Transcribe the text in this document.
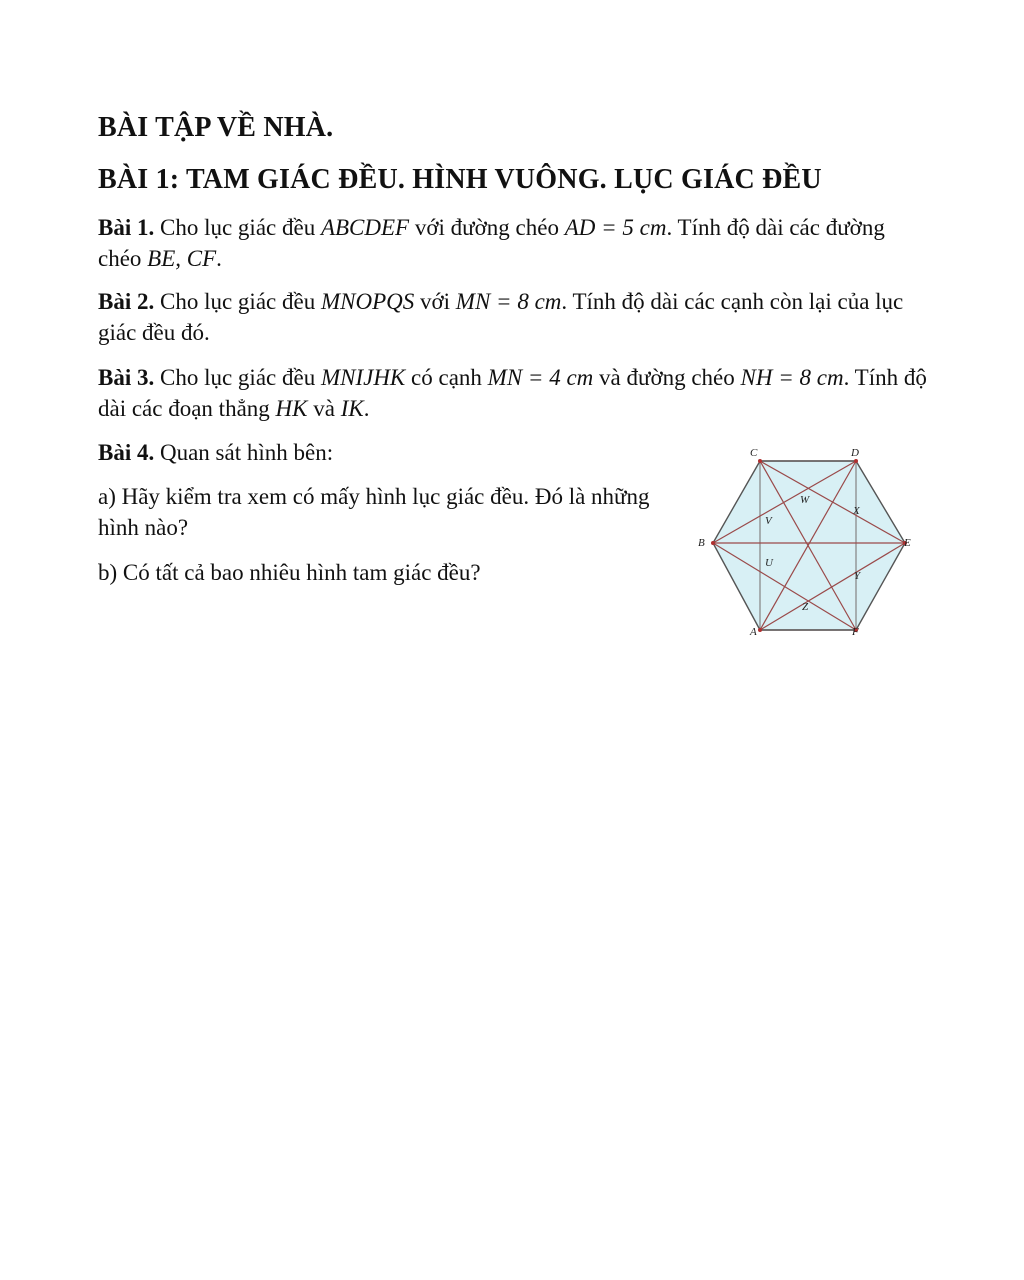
BÀI TẬP VỀ NHÀ.
BÀI 1: TAM GIÁC ĐỀU. HÌNH VUÔNG. LỤC GIÁC ĐỀU
Bài 1. Cho lục giác đều ABCDEF với đường chéo AD = 5 cm. Tính độ dài các đường chéo BE, CF.
Bài 2. Cho lục giác đều MNOPQS với MN = 8 cm. Tính độ dài các cạnh còn lại của lục giác đều đó.
Bài 3. Cho lục giác đều MNIJHK có cạnh MN = 4 cm và đường chéo NH = 8 cm. Tính độ dài các đoạn thẳng HK và IK.
Bài 4. Quan sát hình bên:
a) Hãy kiểm tra xem có mấy hình lục giác đều. Đó là những hình nào?
b) Có tất cả bao nhiêu hình tam giác đều?
C	D
B	E
A	F
W
X
V
U
Y
Z
